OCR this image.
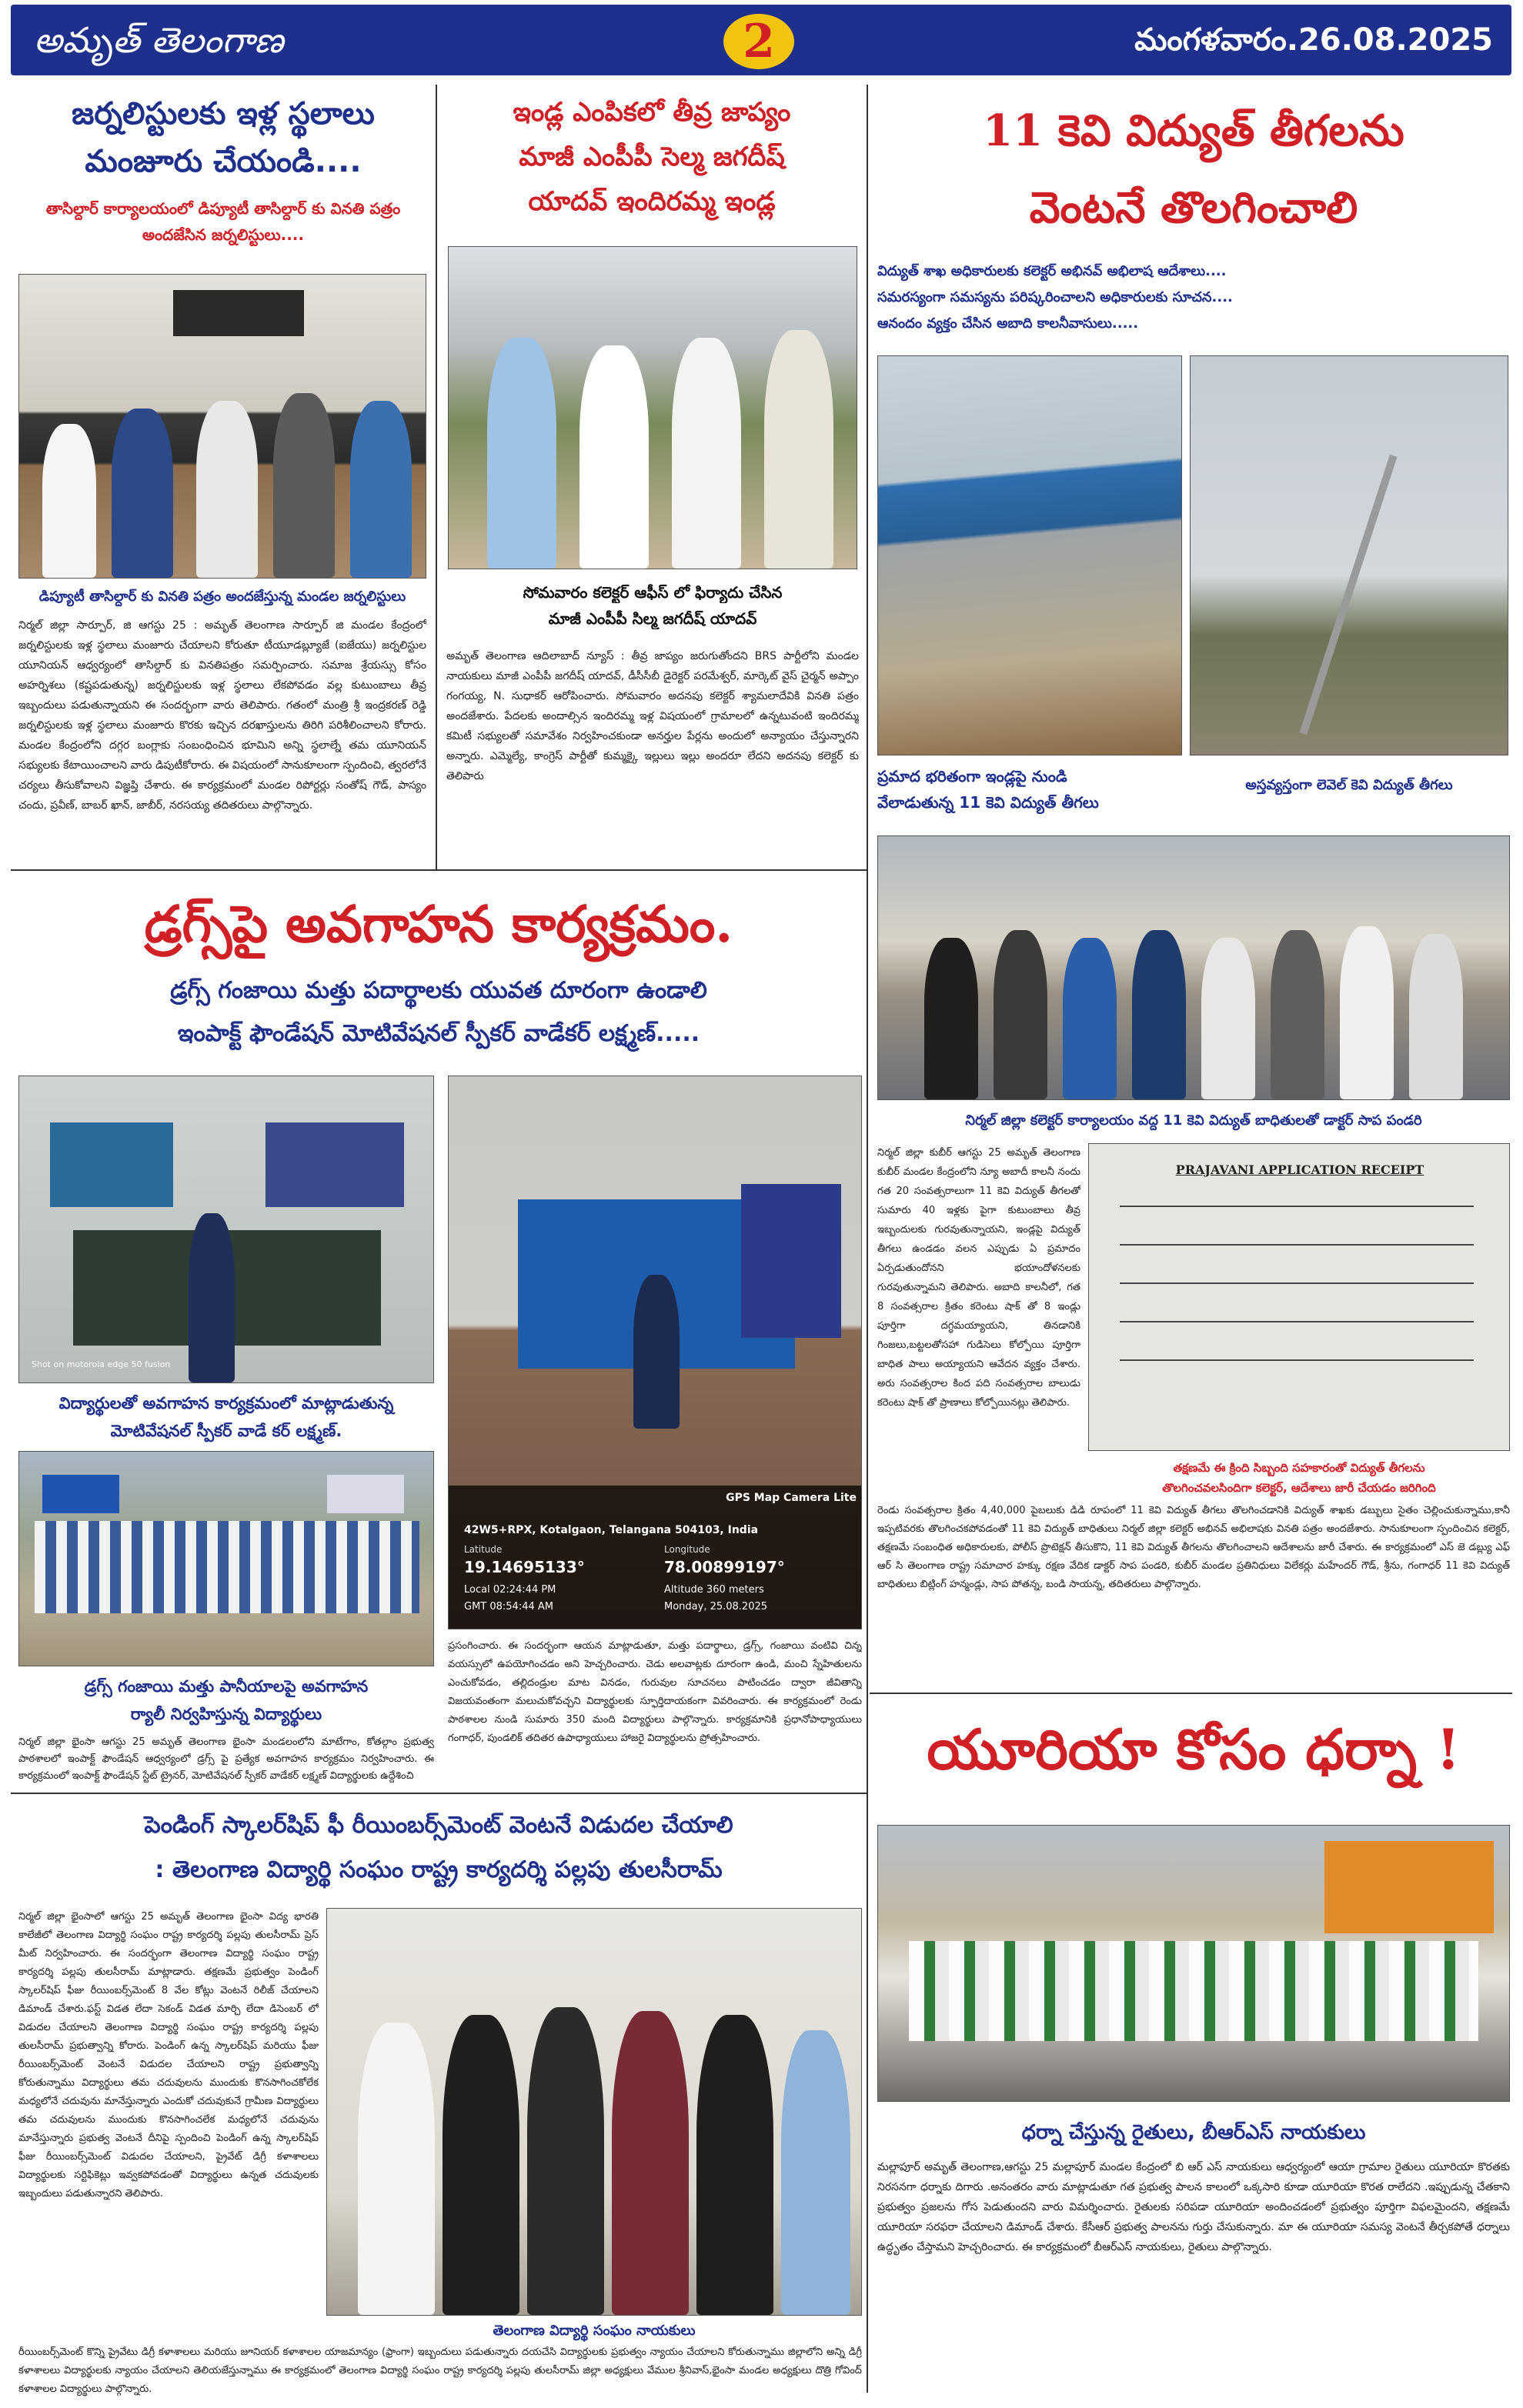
అమృత్ తెలంగాణ	2	మంగళవారం.26.08.2025
జర్నలిస్టులకు ఇళ్ల స్థలాలు
మంజూరు చేయండి....
తాసిల్దార్ కార్యాలయంలో డిప్యూటీ తాసిల్దార్ కు వినతి పత్రం అందజేసిన జర్నలిస్టులు....
డిప్యూటీ తాసిల్దార్ కు వినతి పత్రం అందజేస్తున్న మండల జర్నలిస్టులు
నిర్మల్ జిల్లా సార్పూర్, జి ఆగస్టు 25 : అమృత్ తెలంగాణ సార్పూర్ జి మండల కేంద్రంలో జర్నలిస్టులకు ఇళ్ల స్థలాలు మంజూరు చేయాలని కోరుతూ టీయూడబ్ల్యూజే (ఐజేయు) జర్నలిస్టుల యూనియన్ ఆధ్వర్యంలో తాసిల్దార్ కు వినతిపత్రం సమర్పించారు. సమాజ శ్రేయస్సు కోసం అహర్నిశలు (కష్టపడుతున్న) జర్నలిస్టులకు ఇళ్ల స్థలాలు లేకపోవడం వల్ల కుటుంబాలు తీవ్ర ఇబ్బందులు పడుతున్నాయని ఈ సందర్భంగా వారు తెలిపారు. గతంలో మంత్రి శ్రీ ఇంద్రకరణ్ రెడ్డి జర్నలిస్టులకు ఇళ్ల స్థలాలు మంజూరు కొరకు ఇచ్చిన దరఖాస్తులను తిరిగి పరిశీలించాలని కోరారు. మండల కేంద్రంలోని దగ్గర బంగ్లాకు సంబంధించిన భూమిని అన్ని స్థలాల్నే తమ యూనియన్ సభ్యులకు కేటాయించాలని వారు డిపుటీకోరారు. ఈ విషయంలో సానుకూలంగా స్పందించి, త్వరలోనే చర్యలు తీసుకోవాలని విజ్ఞప్తి చేశారు. ఈ కార్యక్రమంలో మండల రిపోర్టర్లు సంతోష్ గౌడ్, పాస్యం చందు, ప్రవీణ్, బాబర్ ఖాన్, జాబీర్, నరసయ్య తదితరులు పాల్గొన్నారు.
ఇండ్ల ఎంపికలో తీవ్ర జాప్యం
మాజీ ఎంపీపీ సెల్మ జగదీష్
యాదవ్ ఇందిరమ్మ ఇండ్ల
సోమవారం కలెక్టర్ ఆఫీస్ లో ఫిర్యాదు చేసిన
మాజీ ఎంపీపీ సిల్మ జగదీష్ యాదవ్
అమృత్ తెలంగాణ ఆదిలాబాద్ న్యూస్ : తీవ్ర జాప్యం జరుగుతోందని BRS పార్టీలోని మండల నాయకులు మాజీ ఎంపీపీ జగదీష్ యాదవ్, డీసీసీబీ డైరెక్టర్ పరమేశ్వర్, మార్కెట్ వైస్ చైర్మన్ అప్పాం గంగయ్య, N. సుధాకర్ ఆరోపించారు. సోమవారం అదనపు కలెక్టర్ శ్యామలాదేవికి వినతి పత్రం అందజేశారు. పేదలకు అందాల్సిన ఇందిరమ్మ ఇళ్ల విషయంలో గ్రామాలలో ఉన్నటువంటి ఇందిరమ్మ కమిటీ సభ్యులతో సమావేశం నిర్వహించకుండా అనర్హుల పేర్లను అందులో అన్యాయం చేస్తున్నారని అన్నారు. ఎమ్మెల్యే, కాంగ్రెస్ పార్టీతో కుమ్మక్కై ఇల్లులు ఇల్లు అందరూ లేదని అదనపు కలెక్టర్ కు తెలిపారు
11 కెవి విద్యుత్ తీగలను
వెంటనే తొలగించాలి
విద్యుత్ శాఖ అధికారులకు కలెక్టర్ అభినవ్ అభిలాష ఆదేశాలు....
సమరస్యంగా సమస్యను పరిష్కరించాలని అధికారులకు సూచన....
ఆనందం వ్యక్తం చేసిన అబాది కాలనీవాసులు.....
ప్రమాద భరితంగా ఇండ్లపై నుండి
వేలాడుతున్న 11 కెవి విద్యుత్ తీగలు
అస్తవ్యస్తంగా లెవెల్ కెవి విద్యుత్ తీగలు
నిర్మల్ జిల్లా కలెక్టర్ కార్యాలయం వద్ద 11 కెవి విద్యుత్ బాధితులతో డాక్టర్ సాప పండరి
నిర్మల్ జిల్లా కుబీర్ ఆగస్టు 25 అమృత్ తెలంగాణ కుబీర్ మండల కేంద్రంలోని న్యూ అబాదీ కాలనీ నందు గత 20 సంవత్సరాలుగా 11 కెవి విద్యుత్ తీగలతో సుమారు 40 ఇళ్లకు పైగా కుటుంబాలు తీవ్ర ఇబ్బందులకు గురవుతున్నాయని, ఇండ్లపై విద్యుత్ తీగలు ఉండడం వలన ఎప్పుడు ఏ ప్రమాదం ఏర్పడుతుందోనని భయాందోళనలకు గురవుతున్నామని తెలిపారు. అబాది కాలనీలో, గత 8 సంవత్సరాల క్రితం కరెంటు షాక్ తో 8 ఇండ్లు పూర్తిగా దగ్ధమయ్యాయని, తినడానికి గింజలు,బట్టలతోసహా గుడిసెలు కోల్పోయి పూర్తిగా బాధిత పాలు అయ్యాయని ఆవేదన వ్యక్తం చేశారు. అరు సంవత్సరాల కింద పది సంవత్సరాల బాలుడు కరెంటు షాక్ తో ప్రాణాలు కోల్పోయినట్లు తెలిపారు.
PRAJAVANI APPLICATION RECEIPT
తక్షణమే ఈ క్రింది సిబ్బంది సహకారంతో విద్యుత్ తీగలను
తొలగించవలసిందిగా కలెక్టర్, ఆదేశాలు జారీ చేయడం జరిగింది
రెండు సంవత్సరాల క్రితం 4,40,000 పైబలుకు డిడి రూపంలో 11 కెవి విద్యుత్ తీగలు తొలగించడానికి విద్యుత్ శాఖకు డబ్బులు సైతం చెల్లించుకున్నాము,కానీ ఇప్పటివరకు తొలగించకపోవడంతో 11 కెవి విద్యుత్ బాధితులు నిర్మల్ జిల్లా కలెక్టర్ అభినవ్ అభిలాషకు వినతి పత్రం అందజేశారు. సానుకూలంగా స్పందించిన కలెక్టర్, తక్షణమే సంబంధిత అధికారులకు, పోలీస్ ప్రొటెక్షన్ తీసుకొని, 11 కెవి విద్యుత్ తీగలను తొలగించాలని ఆదేశాలను జారీ చేశారు. ఈ కార్యక్రమంలో ఎస్ జె డబ్ల్యు ఎఫ్ ఆర్ సి తెలంగాణ రాష్ట్ర సమాచార హక్కు రక్షణ వేదిక డాక్టర్ సాప పండరి, కుబీర్ మండల ప్రతినిధులు విలేకర్లు మహేందర్ గౌడ్, శ్రీను, గంగాధర్ 11 కెవి విద్యుత్ బాధితులు బిట్లింగ్ హన్మండ్లు, సాప పోతన్న, బండి సాయన్న, తదితరులు పాల్గొన్నారు.
డ్రగ్స్‌పై అవగాహన కార్యక్రమం.
డ్రగ్స్ గంజాయి మత్తు పదార్థాలకు యువత దూరంగా ఉండాలి
ఇంపాక్ట్ ఫౌండేషన్ మోటివేషనల్ స్పీకర్ వాడేకర్ లక్ష్మణ్.....
Shot on motorola edge 50 fusion
విద్యార్థులతో అవగాహన కార్యక్రమంలో మాట్లాడుతున్న
మోటివేషనల్ స్పీకర్ వాడే కర్ లక్ష్మణ్.
డ్రగ్స్ గంజాయి మత్తు పానీయాలపై అవగాహన
ర్యాలీ నిర్వహిస్తున్న విద్యార్థులు
నిర్మల్ జిల్లా భైంసా ఆగస్టు 25 అమృత్ తెలంగాణ భైంసా మండలంలోని మాటేగాం, కోతల్గాం ప్రభుత్వ పాఠశాలలో ఇంపాక్ట్ ఫౌండేషన్ ఆధ్వర్యంలో డ్రగ్స్ పై ప్రత్యేక అవగాహన కార్యక్రమం నిర్వహించారు. ఈ కార్యక్రమంలో ఇంపాక్ట్ ఫౌండేషన్ స్టేట్ ట్రైనర్, మోటివేషనల్ స్పీకర్ వాడేకర్ లక్ష్మణ్ విద్యార్థులకు ఉద్దేశించి
GPS Map Camera Lite
42W5+RPX, Kotalgaon, Telangana 504103, India
Latitude
19.14695133°
Longitude
78.00899197°
Local 02:24:44 PM
GMT 08:54:44 AM
Altitude 360 meters
Monday, 25.08.2025
ప్రసంగించారు. ఈ సందర్భంగా ఆయన మాట్లాడుతూ, మత్తు పదార్థాలు, డ్రగ్స్, గంజాయి వంటివి చిన్న వయస్సులో ఉపయోగించడం అని హెచ్చరించారు. చెడు అలవాట్లకు దూరంగా ఉండి, మంచి స్నేహితులను ఎంచుకోవడం, తల్లిదండ్రుల మాట వినడం, గురువుల సూచనలు పాటించడం ద్వారా జీవితాన్ని విజయవంతంగా మలుచుకోవచ్చని విద్యార్థులకు స్ఫూర్తిదాయకంగా వివరించారు. ఈ కార్యక్రమంలో రెండు పాఠశాలల నుండి సుమారు 350 మంది విద్యార్థులు పాల్గొన్నారు. కార్యక్రమానికి ప్రధానోపాధ్యాయులు గంగాధర్, పుండలిక్ తదితర ఉపాధ్యాయులు హాజరై విద్యార్థులను ప్రోత్సహించారు.	యూరియా కోసం ధర్నా !
ధర్నా చేస్తున్న రైతులు, బీఆర్ఎస్ నాయకులు
మల్లాపూర్ అమృత్ తెలంగాణ,ఆగస్టు 25 మల్లాపూర్ మండల కేంద్రంలో బి ఆర్ ఎస్ నాయకులు ఆధ్వర్యంలో ఆయా గ్రామాల రైతులు యూరియా కొరతకు నిరసనగా ధర్నాకు దిగారు .అనంతరం వారు మాట్లాడుతూ గత ప్రభుత్వ పాలన కాలంలో ఒక్కసారి కూడా యూరియా కొరత రాలేదని .ఇప్పుడున్న చేతకాని ప్రభుత్వం ప్రజలను గోస పెడుతుందని వారు విమర్శించారు. రైతులకు సరిపడా యూరియా అందించడంలో ప్రభుత్వం పూర్తిగా విఫలమైందని, తక్షణమే యూరియా సరఫరా చేయాలని డిమాండ్ చేశారు. కేసీఆర్ ప్రభుత్వ పాలనను గుర్తు చేసుకున్నారు. మా ఈ యూరియా సమస్య వెంటనే తీర్చకపోతే ధర్నాలు ఉద్ధృతం చేస్తామని హెచ్చరించారు. ఈ కార్యక్రమంలో బీఆర్ఎస్ నాయకులు, రైతులు పాల్గొన్నారు.
పెండింగ్ స్కాలర్‌షిప్ ఫీ రీయింబర్స్‌మెంట్ వెంటనే విడుదల చేయాలి
: తెలంగాణ విద్యార్థి సంఘం రాష్ట్ర కార్యదర్శి పల్లపు తులసీరామ్
నిర్మల్ జిల్లా భైంసాలో ఆగస్టు 25 అమృత్ తెలంగాణ భైంసా విద్య భారతి కాలేజీలో తెలంగాణ విద్యార్థి సంఘం రాష్ట్ర కార్యదర్శి పల్లపు తులసీరామ్ ప్రెస్ మీట్ నిర్వహించారు. ఈ సందర్భంగా తెలంగాణ విద్యార్థి సంఘం రాష్ట్ర కార్యదర్శి పల్లపు తులసీరామ్ మాట్లాడారు. తక్షణమే ప్రభుత్వం పెండింగ్ స్కాలర్‌షిప్ ఫీజు రీయింబర్స్‌మెంట్ 8 వేల కోట్లు వెంటనే రిలీజ్ చేయాలని డిమాండ్ చేశారు.ఫస్ట్ విడత లేదా సెకండ్ విడత మార్చి లేదా డిసెంబర్ లో విడుదల చేయాలని తెలంగాణ విద్యార్థి సంఘం రాష్ట్ర కార్యదర్శి పల్లపు తులసీరామ్ ప్రభుత్వాన్ని కోరారు. పెండింగ్ ఉన్న స్కాలర్‌షిప్ మరియు ఫీజు రీయింబర్స్‌మెంట్ వెంటనే విడుదల చేయాలని రాష్ట్ర ప్రభుత్వాన్ని కోరుతున్నాము విద్యార్థులు తమ చదువులను ముందుకు కొనసాగించకోలేక మధ్యలోనే చదువును మానేస్తున్నారు ఎందుకో చదువుకునే గ్రామీణ విద్యార్థులు తమ చదువులను ముందుకు కొనసాగించలేక మధ్యలోనే చదువును మానేస్తున్నారు ప్రభుత్వ వెంటనే దీనిపై స్పందించి పెండింగ్ ఉన్న స్కాలర్‌షిప్ ఫీజు రీయింబర్స్‌మెంట్ విడుదల చేయాలని, ప్రైవేట్ డిగ్రీ కళాశాలలు విద్యార్థులకు సర్టిఫికెట్లు ఇవ్వకపోవడంతో విద్యార్థులు ఉన్నత చదువులకు ఇబ్బందులు పడుతున్నారని తెలిపారు.
తెలంగాణ విద్యార్థి సంఘం నాయకులు
రీయింబర్స్‌మెంట్ కొన్ని ప్రైవేటు డిగ్రీ కళాశాలలు మరియు జూనియర్ కళాశాలల యాజమాన్యం (ఫ్రాంగా) ఇబ్బందులు పడుతున్నారు దయచేసి విద్యార్థులకు ప్రభుత్వం న్యాయం చేయాలని కోరుతున్నాము జిల్లాలోని అన్ని డిగ్రీ కళాశాలలు విద్యార్థులకు న్యాయం చేయాలని తెలియజేస్తున్నాము ఈ కార్యక్రమంలో తెలంగాణ విద్యార్థి సంఘం రాష్ట్ర కార్యదర్శి పల్లపు తులసీరామ్ జిల్లా అధ్యక్షులు వేముల శ్రీనివాస్,భైంసా మండల అధ్యక్షులు దొత్రి గోవింద్ కళాశాలల విద్యార్థులు పాల్గొన్నారు.
